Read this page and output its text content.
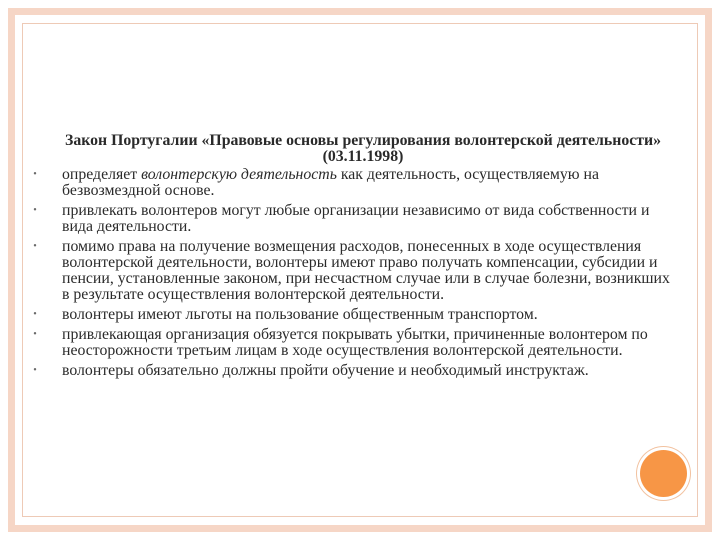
Закон Португалии «Правовые основы регулирования волонтерской деятельности» (03.11.1998)

• определяет волонтерскую деятельность как деятельность, осуществляемую на безвозмездной основе.
• привлекать волонтеров могут любые организации независимо от вида собственности и вида деятельности.
• помимо права на получение возмещения расходов, понесенных в ходе осуществления волонтерской деятельности, волонтеры имеют право получать компенсации, субсидии и пенсии, установленные законом, при несчастном случае или в случае болезни, возникших в результате осуществления волонтерской деятельности.
• волонтеры имеют льготы на пользование общественным транспортом.
• привлекающая организация обязуется покрывать убытки, причиненные волонтером по неосторожности третьим лицам в ходе осуществления волонтерской деятельности.
• волонтеры обязательно должны пройти обучение и необходимый инструктаж.
